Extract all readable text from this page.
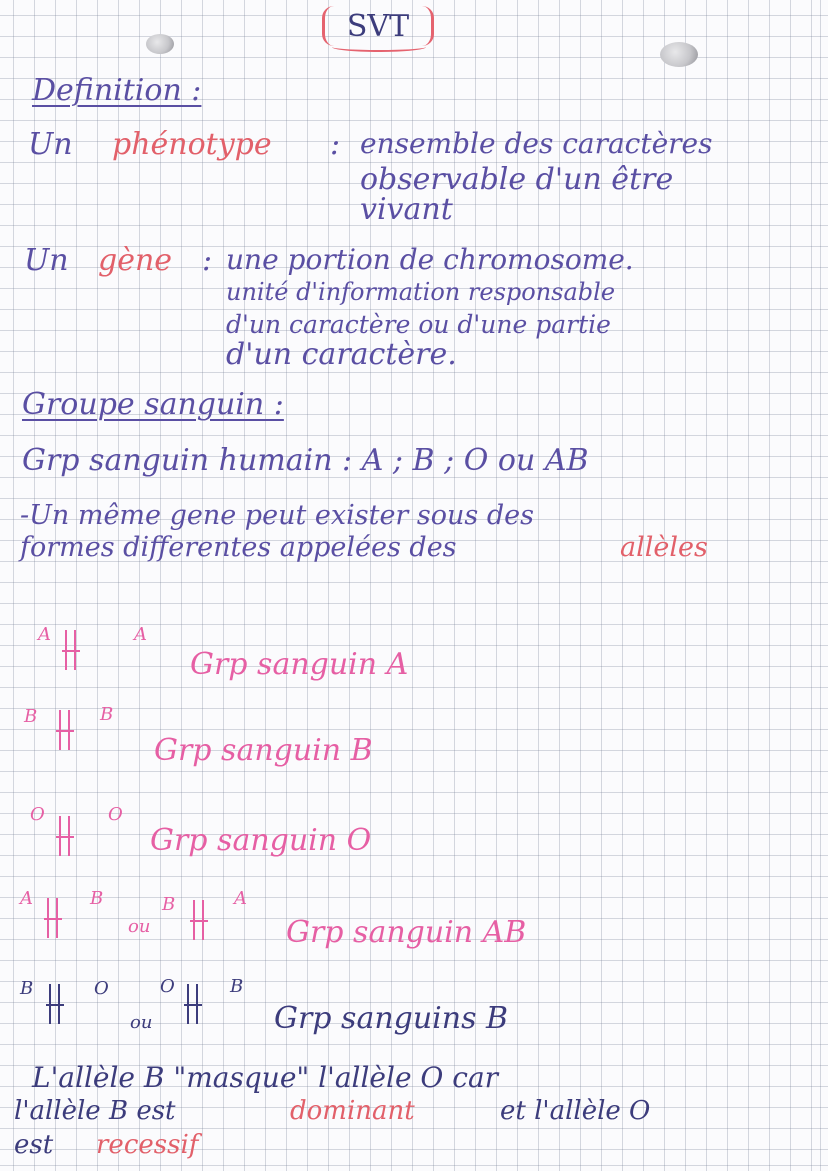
SVT
Definition :
Un phénotype : ensemble des caractères
observable d'un être
vivant
Un gène : une portion de chromosome.
unité d'information responsable
d'un caractère ou d'une partie
d'un caractère.
Groupe sanguin :
Grp sanguin humain : A ; B ; O ou AB
-Un même gene peut exister sous des
formes differentes appelées des	allèles
A	A
Grp sanguin A
B	B
Grp sanguin B
O	O
Grp sanguin O
A	B
ou
B	A
Grp sanguin AB
B	O
ou
O	B
Grp sanguins B
L'allèle B "masque" l'allèle O car
l'allèle B est	dominant	et l'allèle O
est recessif
